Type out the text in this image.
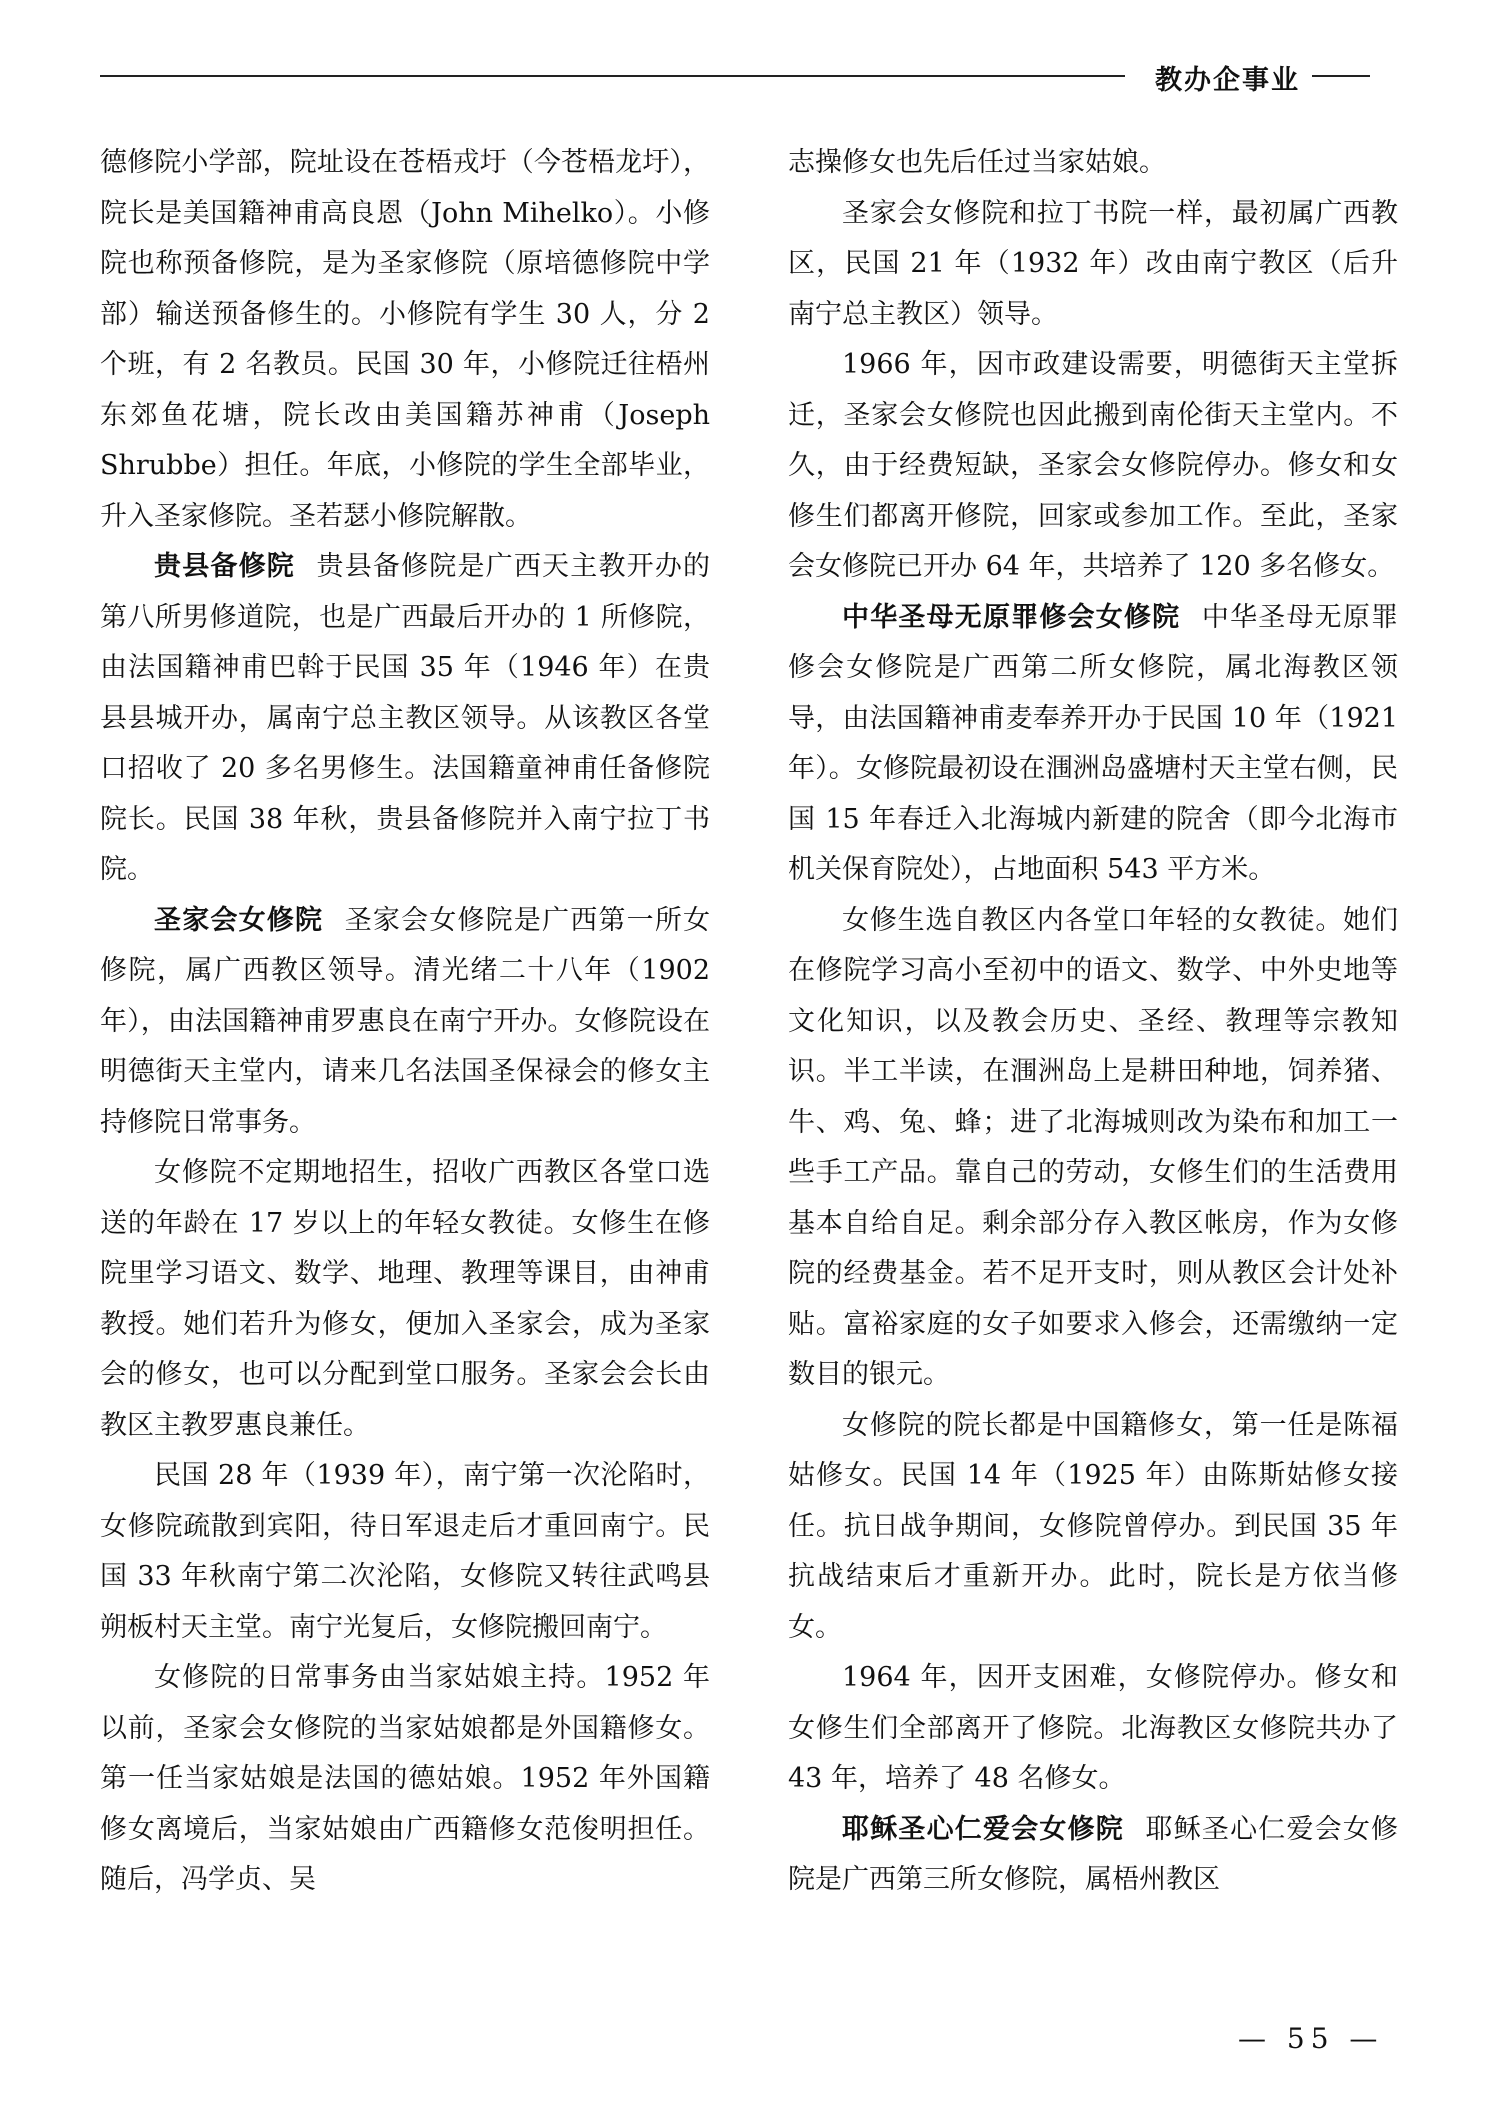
教办企事业

德修院小学部，院址设在苍梧戎圩（今苍梧龙圩），院长是美国籍神甫高良恩（John Mihelko）。小修院也称预备修院，是为圣家修院（原培德修院中学部）输送预备修生的。小修院有学生 30 人，分 2 个班，有 2 名教员。民国 30 年，小修院迁往梧州东郊鱼花塘，院长改由美国籍苏神甫（Joseph Shrubbe）担任。年底，小修院的学生全部毕业，升入圣家修院。圣若瑟小修院解散。

贵县备修院 贵县备修院是广西天主教开办的第八所男修道院，也是广西最后开办的 1 所修院，由法国籍神甫巴斡于民国 35 年（1946 年）在贵县县城开办，属南宁总主教区领导。从该教区各堂口招收了 20 多名男修生。法国籍童神甫任备修院院长。民国 38 年秋，贵县备修院并入南宁拉丁书院。

圣家会女修院 圣家会女修院是广西第一所女修院，属广西教区领导。清光绪二十八年（1902 年），由法国籍神甫罗惠良在南宁开办。女修院设在明德街天主堂内，请来几名法国圣保禄会的修女主持修院日常事务。

女修院不定期地招生，招收广西教区各堂口选送的年龄在 17 岁以上的年轻女教徒。女修生在修院里学习语文、数学、地理、教理等课目，由神甫教授。她们若升为修女，便加入圣家会，成为圣家会的修女，也可以分配到堂口服务。圣家会会长由教区主教罗惠良兼任。

民国 28 年（1939 年），南宁第一次沦陷时，女修院疏散到宾阳，待日军退走后才重回南宁。民国 33 年秋南宁第二次沦陷，女修院又转往武鸣县朔板村天主堂。南宁光复后，女修院搬回南宁。

女修院的日常事务由当家姑娘主持。1952 年以前，圣家会女修院的当家姑娘都是外国籍修女。第一任当家姑娘是法国的德姑娘。1952 年外国籍修女离境后，当家姑娘由广西籍修女范俊明担任。随后，冯学贞、吴

志操修女也先后任过当家姑娘。

圣家会女修院和拉丁书院一样，最初属广西教区，民国 21 年（1932 年）改由南宁教区（后升南宁总主教区）领导。

1966 年，因市政建设需要，明德街天主堂拆迁，圣家会女修院也因此搬到南伦街天主堂内。不久，由于经费短缺，圣家会女修院停办。修女和女修生们都离开修院，回家或参加工作。至此，圣家会女修院已开办 64 年，共培养了 120 多名修女。

中华圣母无原罪修会女修院 中华圣母无原罪修会女修院是广西第二所女修院，属北海教区领导，由法国籍神甫麦奉养开办于民国 10 年（1921 年）。女修院最初设在涠洲岛盛塘村天主堂右侧，民国 15 年春迁入北海城内新建的院舍（即今北海市机关保育院处），占地面积 543 平方米。

女修生选自教区内各堂口年轻的女教徒。她们在修院学习高小至初中的语文、数学、中外史地等文化知识，以及教会历史、圣经、教理等宗教知识。半工半读，在涠洲岛上是耕田种地，饲养猪、牛、鸡、兔、蜂；进了北海城则改为染布和加工一些手工产品。靠自己的劳动，女修生们的生活费用基本自给自足。剩余部分存入教区帐房，作为女修院的经费基金。若不足开支时，则从教区会计处补贴。富裕家庭的女子如要求入修会，还需缴纳一定数目的银元。

女修院的院长都是中国籍修女，第一任是陈福姑修女。民国 14 年（1925 年）由陈斯姑修女接任。抗日战争期间，女修院曾停办。到民国 35 年抗战结束后才重新开办。此时，院长是方依当修女。

1964 年，因开支困难，女修院停办。修女和女修生们全部离开了修院。北海教区女修院共办了 43 年，培养了 48 名修女。

耶稣圣心仁爱会女修院 耶稣圣心仁爱会女修院是广西第三所女修院，属梧州教区

— 55 —
